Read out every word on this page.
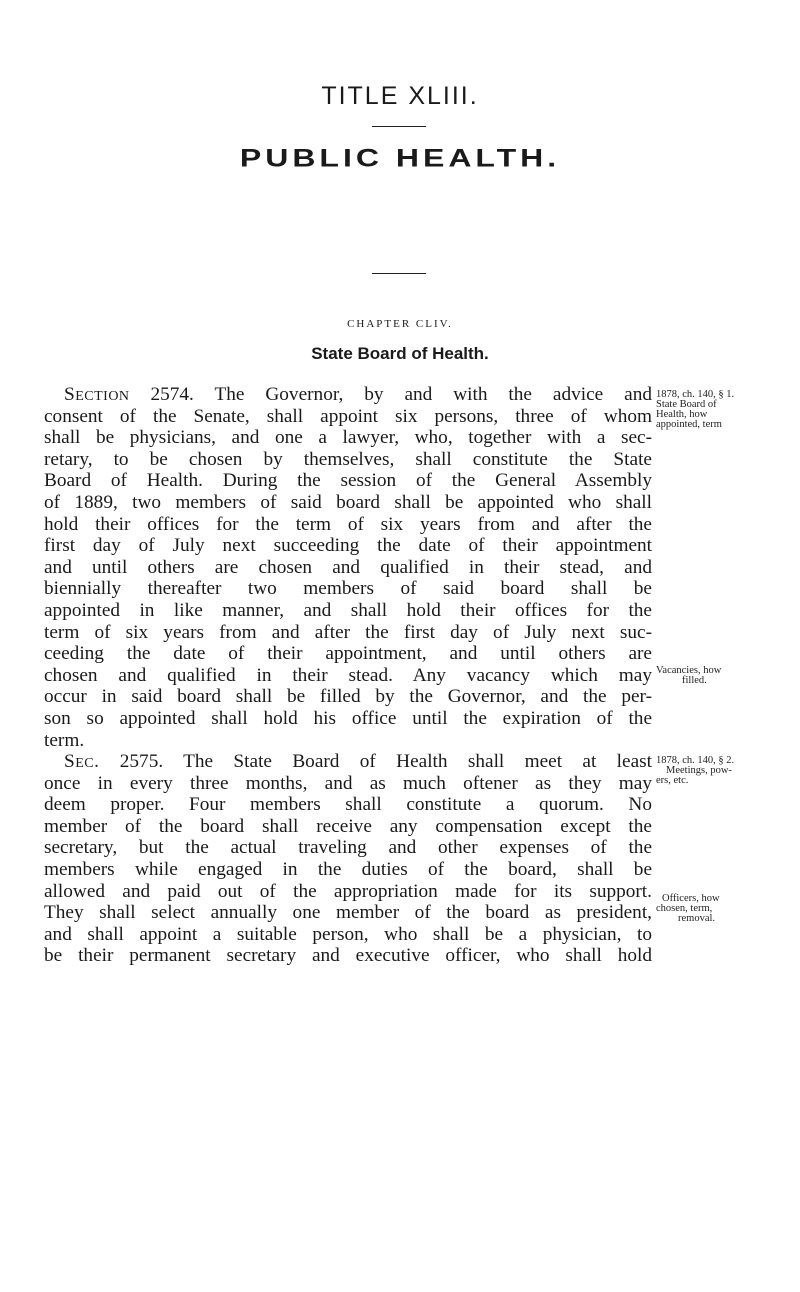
TITLE XLIII.
PUBLIC HEALTH.
CHAPTER CLIV.
State Board of Health.
Section 2574. The Governor, by and with the advice and
consent of the Senate, shall appoint six persons, three of whom
shall be physicians, and one a lawyer, who, together with a sec-
retary, to be chosen by themselves, shall constitute the State
Board of Health. During the session of the General Assembly
of 1889, two members of said board shall be appointed who shall
hold their offices for the term of six years from and after the
first day of July next succeeding the date of their appointment
and until others are chosen and qualified in their stead, and
biennially thereafter two members of said board shall be
appointed in like manner, and shall hold their offices for the
term of six years from and after the first day of July next suc-
ceeding the date of their appointment, and until others are
chosen and qualified in their stead. Any vacancy which may
occur in said board shall be filled by the Governor, and the per-
son so appointed shall hold his office until the expiration of the
term.
Sec. 2575. The State Board of Health shall meet at least
once in every three months, and as much oftener as they may
deem proper. Four members shall constitute a quorum. No
member of the board shall receive any compensation except the
secretary, but the actual traveling and other expenses of the
members while engaged in the duties of the board, shall be
allowed and paid out of the appropriation made for its support.
They shall select annually one member of the board as president,
and shall appoint a suitable person, who shall be a physician, to
be their permanent secretary and executive officer, who shall hold
1878, ch. 140, § 1.
State Board of
Health, how
appointed, term
Vacancies, how
filled.
1878, ch. 140, § 2.
Meetings, pow-
ers, etc.
Officers, how
chosen, term,
removal.
